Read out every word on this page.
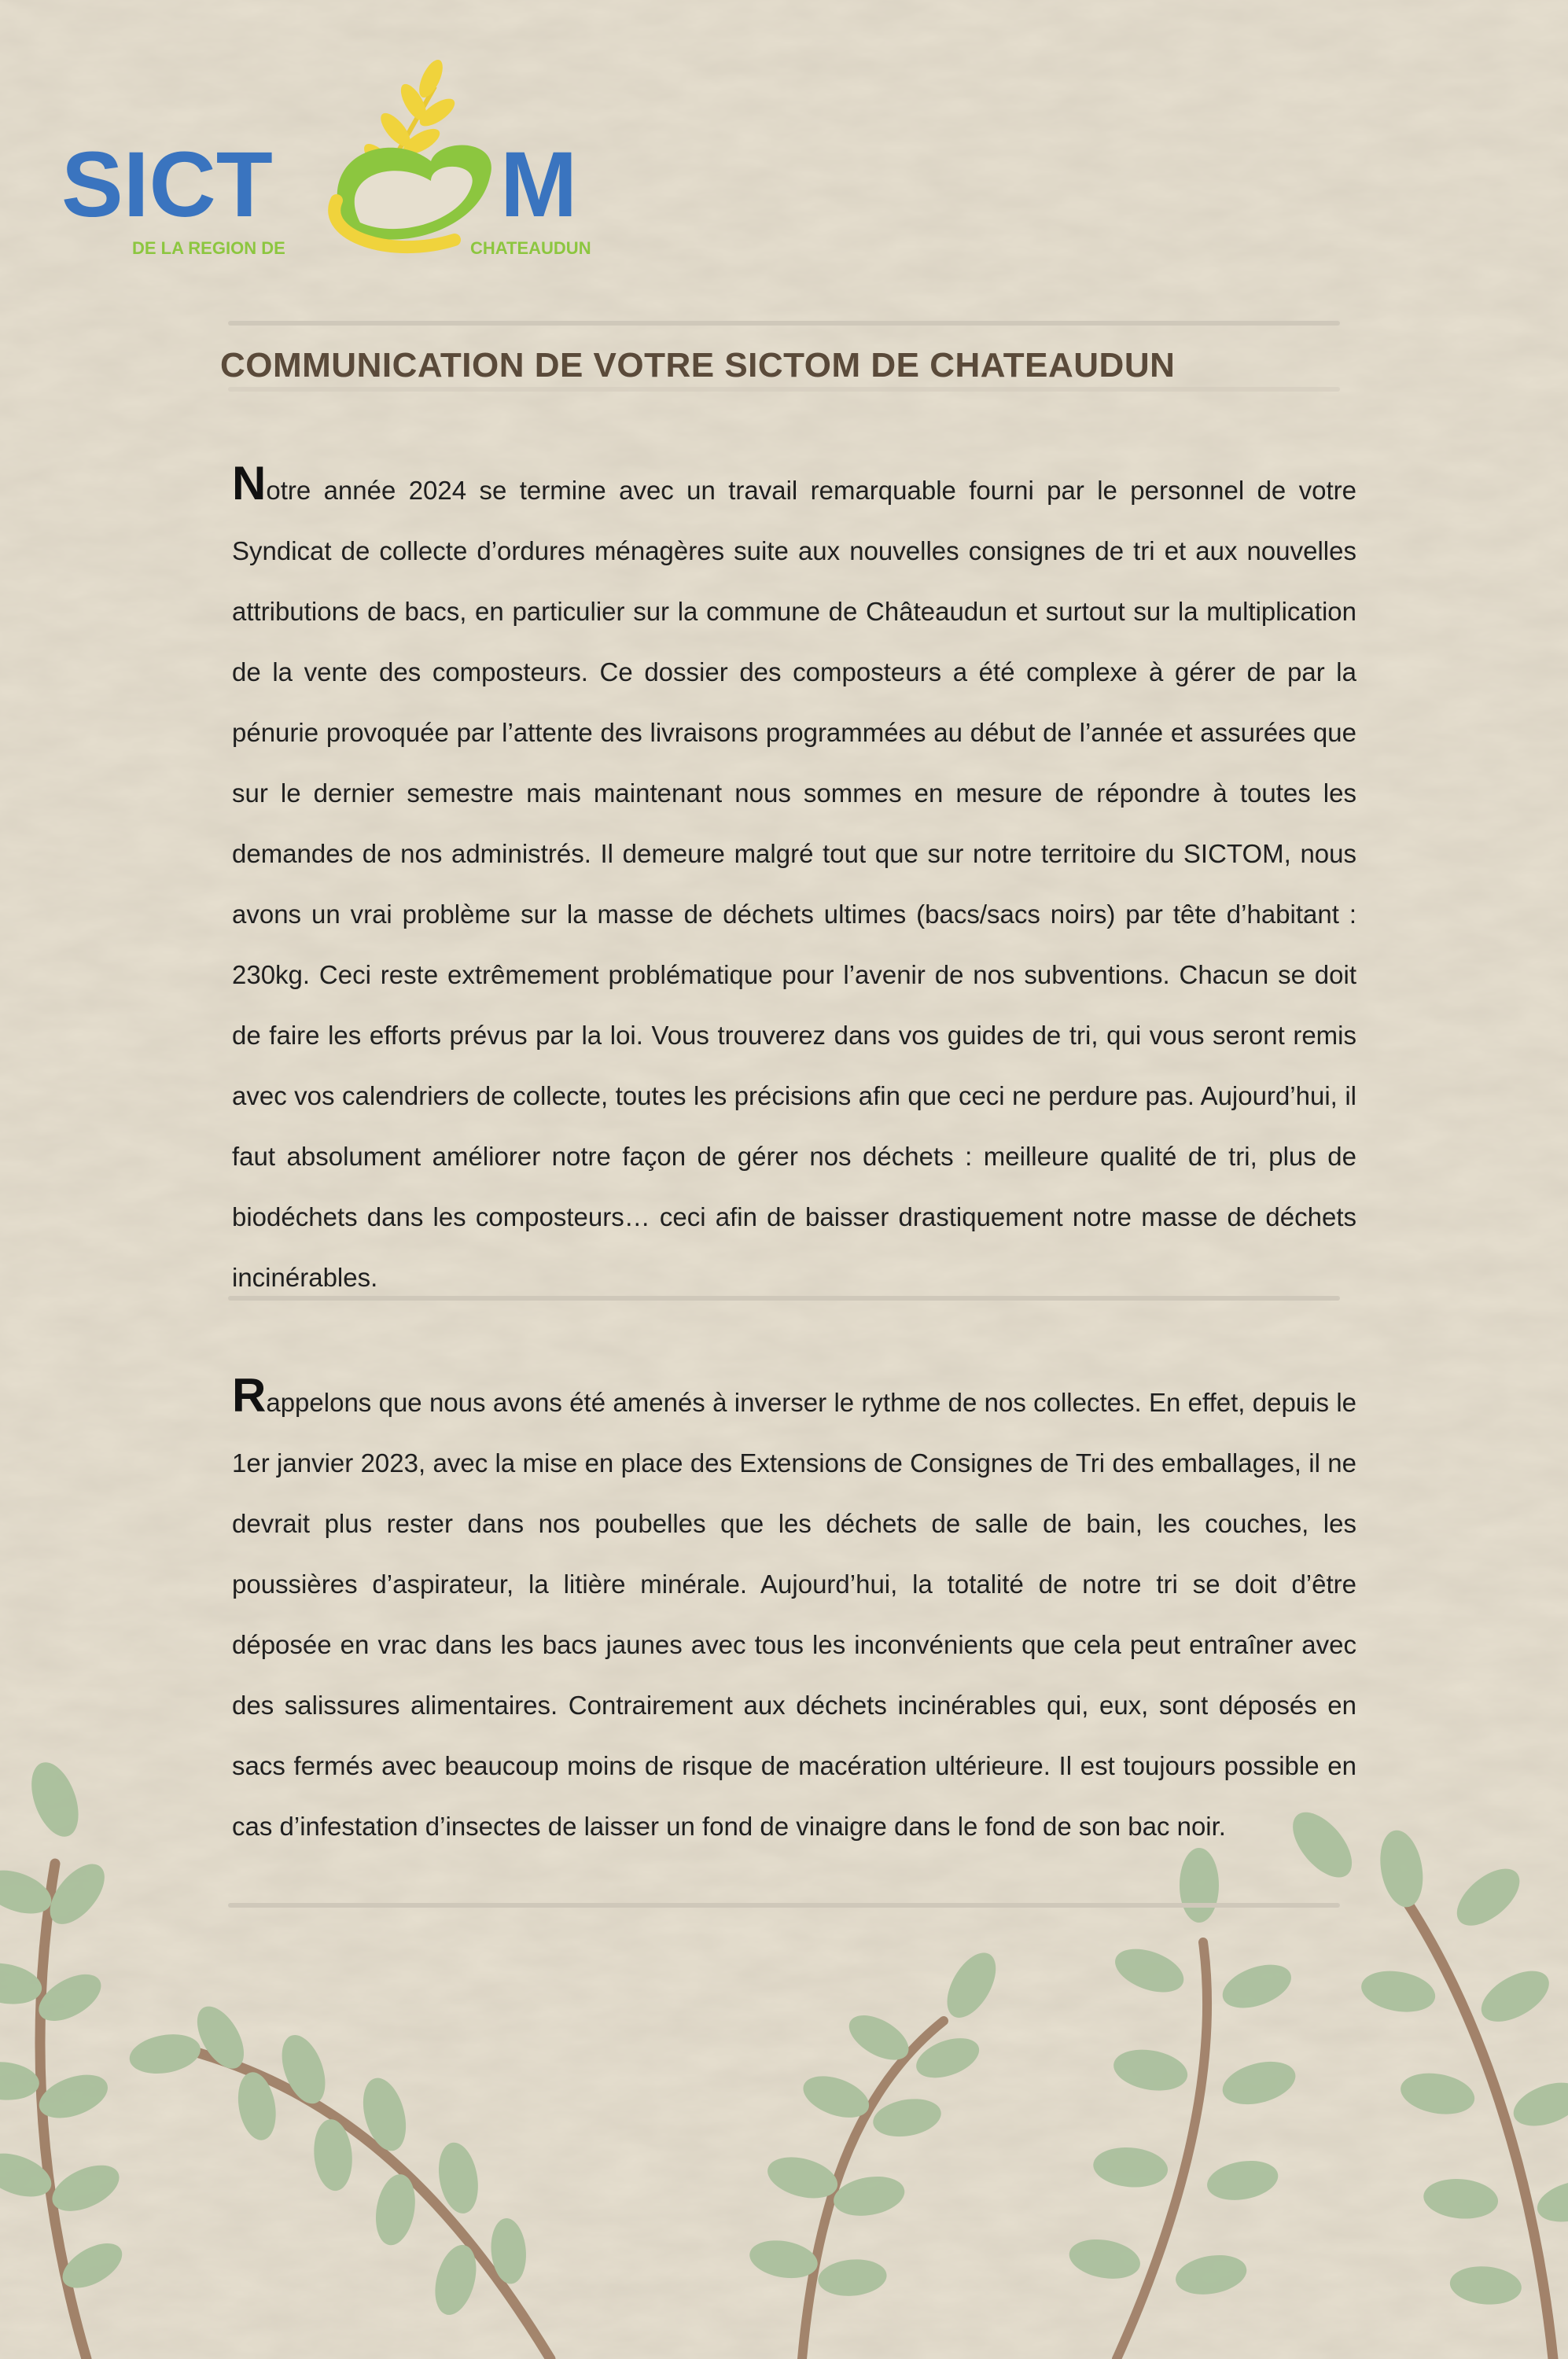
SICT M
DE LA REGION DE	CHATEAUDUN
COMMUNICATION DE VOTRE SICTOM DE CHATEAUDUN

Notre année 2024 se termine avec un travail remarquable fourni par le personnel de votre Syndicat de collecte d’ordures ménagères suite aux nouvelles consignes de tri et aux nouvelles attributions de bacs, en particulier sur la commune de Châteaudun et surtout sur la multiplication de la vente des composteurs. Ce dossier des composteurs a été complexe à gérer de par la pénurie provoquée par l’attente des livraisons programmées au début de l’année et assurées que sur le dernier semestre mais maintenant nous sommes en mesure de répondre à toutes les demandes de nos administrés. Il demeure malgré tout que sur notre territoire du SICTOM, nous avons un vrai problème sur la masse de déchets ultimes (bacs/sacs noirs) par tête d’habitant : 230kg. Ceci reste extrêmement problématique pour l’avenir de nos subventions. Chacun se doit de faire les efforts prévus par la loi. Vous trouverez dans vos guides de tri, qui vous seront remis avec vos calendriers de collecte, toutes les précisions afin que ceci ne perdure pas. Aujourd’hui, il faut absolument améliorer notre façon de gérer nos déchets : meilleure qualité de tri, plus de biodéchets dans les composteurs… ceci afin de baisser drastiquement notre masse de déchets incinérables.

Rappelons que nous avons été amenés à inverser le rythme de nos collectes. En effet, depuis le 1er janvier 2023, avec la mise en place des Extensions de Consignes de Tri des emballages, il ne devrait plus rester dans nos poubelles que les déchets de salle de bain, les couches, les poussières d’aspirateur, la litière minérale. Aujourd’hui, la totalité de notre tri se doit d’être déposée en vrac dans les bacs jaunes avec tous les inconvénients que cela peut entraîner avec des salissures alimentaires. Contrairement aux déchets incinérables qui, eux, sont déposés en sacs fermés avec beaucoup moins de risque de macération ultérieure. Il est toujours possible en cas d’infestation d’insectes de laisser un fond de vinaigre dans le fond de son bac noir.
